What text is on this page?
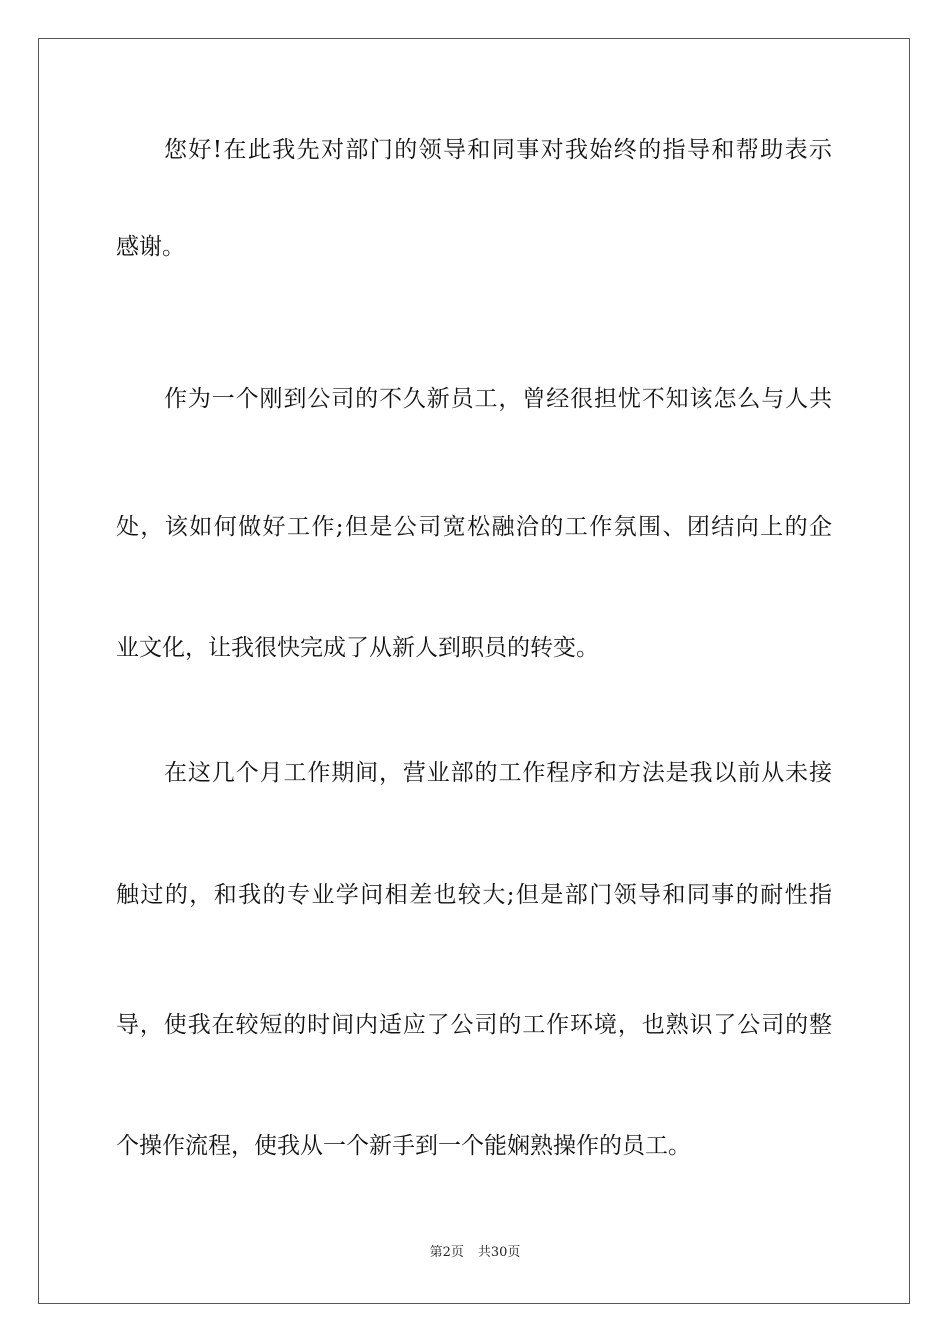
您好!在此我先对部门的领导和同事对我始终的指导和帮助表示
感谢。
作为一个刚到公司的不久新员工，曾经很担忧不知该怎么与人共
处，该如何做好工作;但是公司宽松融洽的工作氛围、团结向上的企
业文化，让我很快完成了从新人到职员的转变。
在这几个月工作期间，营业部的工作程序和方法是我以前从未接
触过的，和我的专业学问相差也较大;但是部门领导和同事的耐性指
导，使我在较短的时间内适应了公司的工作环境，也熟识了公司的整
个操作流程，使我从一个新手到一个能娴熟操作的员工。
第2页 共30页
